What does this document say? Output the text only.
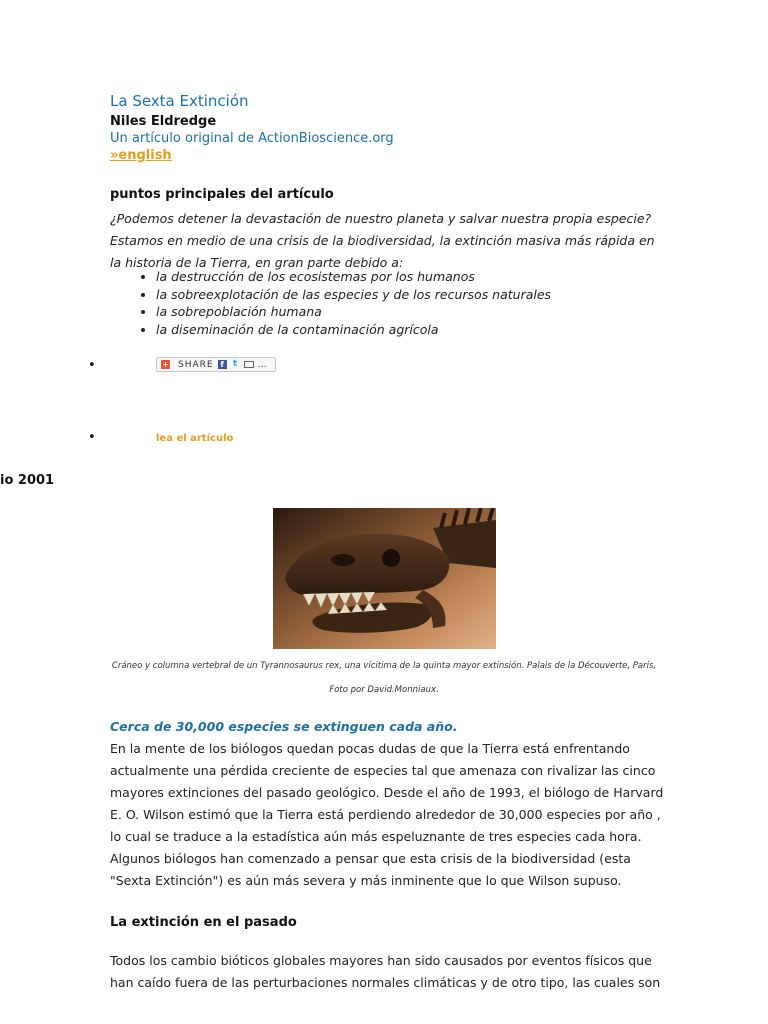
La Sexta Extinción
Niles Eldredge
Un artículo original de ActionBioscience.org
»english
puntos principales del artículo
¿Podemos detener la devastación de nuestro planeta y salvar nuestra propia especie?
Estamos en medio de una crisis de la biodiversidad, la extinción masiva más rápida en
la historia de la Tierra, en gran parte debido a:
• la destrucción de los ecosistemas por los humanos
• la sobreexplotación de las especies y de los recursos naturales
• la sobrepoblación humana
• la diseminación de la contaminación agrícola
•	+ SHARE f	t …
•	lea el artículo
io 2001
Cráneo y columna vertebral de un Tyrannosaurus rex, una vícitima de la quinta mayor extinsión. Palais de la Découverte, Paris,
Foto por David.Monniaux.
Cerca de 30,000 especies se extinguen cada año.
En la mente de los biólogos quedan pocas dudas de que la Tierra está enfrentando
actualmente una pérdida creciente de especies tal que amenaza con rivalizar las cinco
mayores extinciones del pasado geológico. Desde el año de 1993, el biólogo de Harvard
E. O. Wilson estimó que la Tierra está perdiendo alrededor de 30,000 especies por año ,
lo cual se traduce a la estadística aún más espeluznante de tres especies cada hora.
Algunos biólogos han comenzado a pensar que esta crisis de la biodiversidad (esta
"Sexta Extinción") es aún más severa y más inminente que lo que Wilson supuso.
La extinción en el pasado
Todos los cambio bióticos globales mayores han sido causados por eventos físicos que
han caído fuera de las perturbaciones normales climáticas y de otro tipo, las cuales son
